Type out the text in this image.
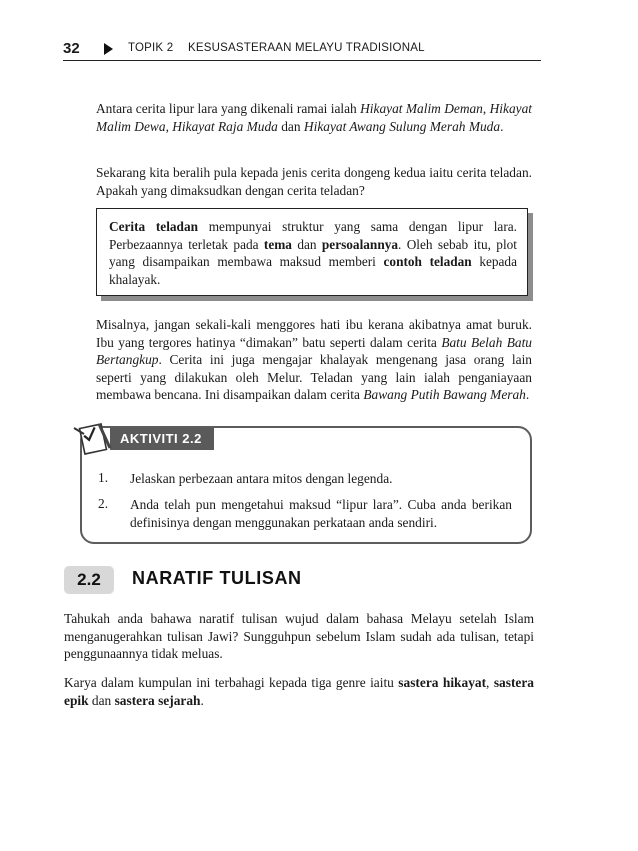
32	TOPIK 2 KESUSASTERAAN MELAYU TRADISIONAL

Antara cerita lipur lara yang dikenali ramai ialah Hikayat Malim Deman, Hikayat Malim Dewa, Hikayat Raja Muda dan Hikayat Awang Sulung Merah Muda.

Sekarang kita beralih pula kepada jenis cerita dongeng kedua iaitu cerita teladan. Apakah yang dimaksudkan dengan cerita teladan?

Cerita teladan mempunyai struktur yang sama dengan lipur lara. Perbezaannya terletak pada tema dan persoalannya. Oleh sebab itu, plot yang disampaikan membawa maksud memberi contoh teladan kepada khalayak.

Misalnya, jangan sekali-kali menggores hati ibu kerana akibatnya amat buruk. Ibu yang tergores hatinya “dimakan” batu seperti dalam cerita Batu Belah Batu Bertangkup. Cerita ini juga mengajar khalayak mengenang jasa orang lain seperti yang dilakukan oleh Melur. Teladan yang lain ialah penganiayaan membawa bencana. Ini disampaikan dalam cerita Bawang Putih Bawang Merah.

AKTIVITI 2.2
1. Jelaskan perbezaan antara mitos dengan legenda.
2. Anda telah pun mengetahui maksud “lipur lara”. Cuba anda berikan definisinya dengan menggunakan perkataan anda sendiri.
2.2	NARATIF TULISAN

Tahukah anda bahawa naratif tulisan wujud dalam bahasa Melayu setelah Islam menganugerahkan tulisan Jawi? Sungguhpun sebelum Islam sudah ada tulisan, tetapi penggunaannya tidak meluas.

Karya dalam kumpulan ini terbahagi kepada tiga genre iaitu sastera hikayat, sastera epik dan sastera sejarah.
